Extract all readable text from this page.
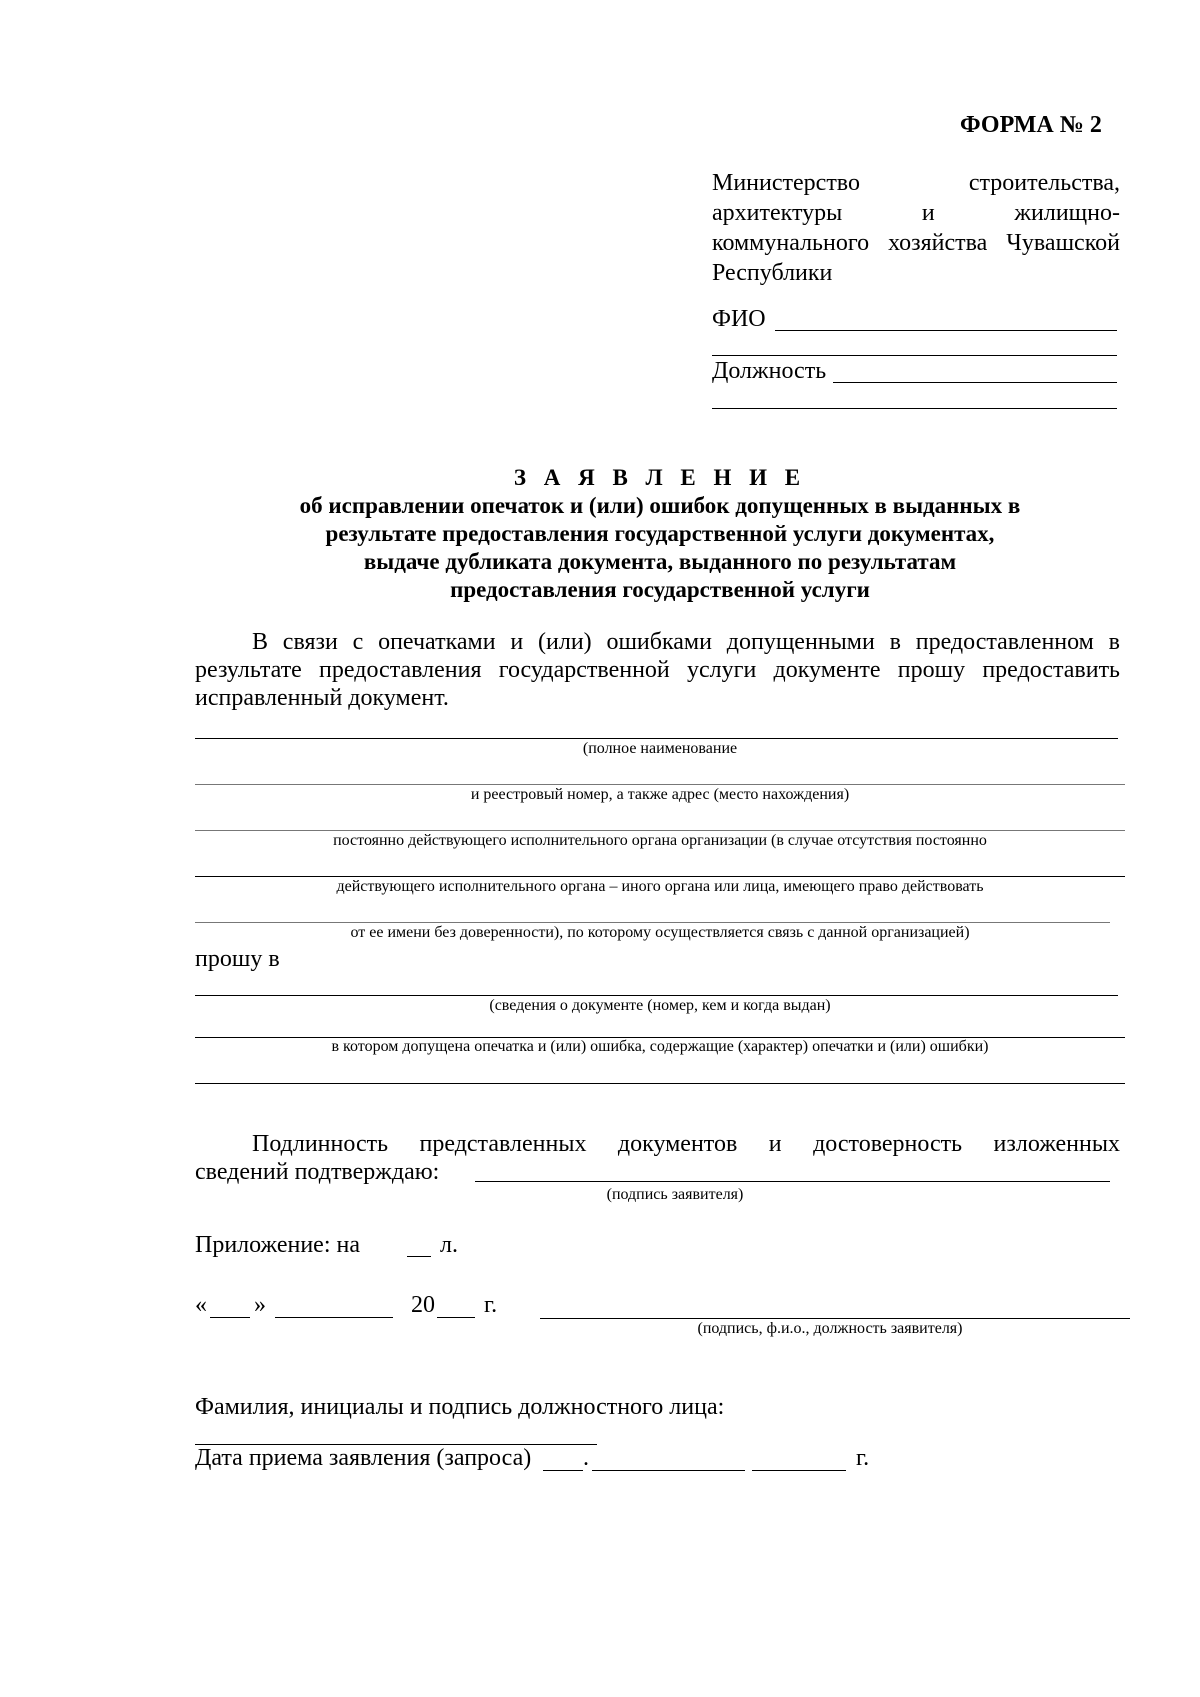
ФОРМА № 2
Министерство строительства, архитектуры и жилищно-коммунального хозяйства Чувашской Республики
ФИО
Должность
З А Я В Л Е Н И Е
об исправлении опечаток и (или) ошибок допущенных в выданных в
результате предоставления государственной услуги документах,
выдаче дубликата документа, выданного по результатам
предоставления государственной услуги
В связи с опечатками и (или) ошибками допущенными в предоставленном в результате предоставления государственной услуги документе прошу предоставить исправленный документ.
(полное наименование
и реестровый номер, а также адрес (место нахождения)
постоянно действующего исполнительного органа организации (в случае отсутствия постоянно
действующего исполнительного органа – иного органа или лица, имеющего право действовать
от ее имени без доверенности), по которому осуществляется связь с данной организацией)
прошу в
(сведения о документе (номер, кем и когда выдан)
в котором допущена опечатка и (или) ошибка, содержащие (характер) опечатки и (или) ошибки)
Подлинность представленных документов и достоверность изложенных
сведений подтверждаю:
(подпись заявителя)
Приложение: на	л.
« »	20 г.
(подпись, ф.и.о., должность заявителя)
Фамилия, инициалы и подпись должностного лица:
Дата приема заявления (запроса) .	г.
